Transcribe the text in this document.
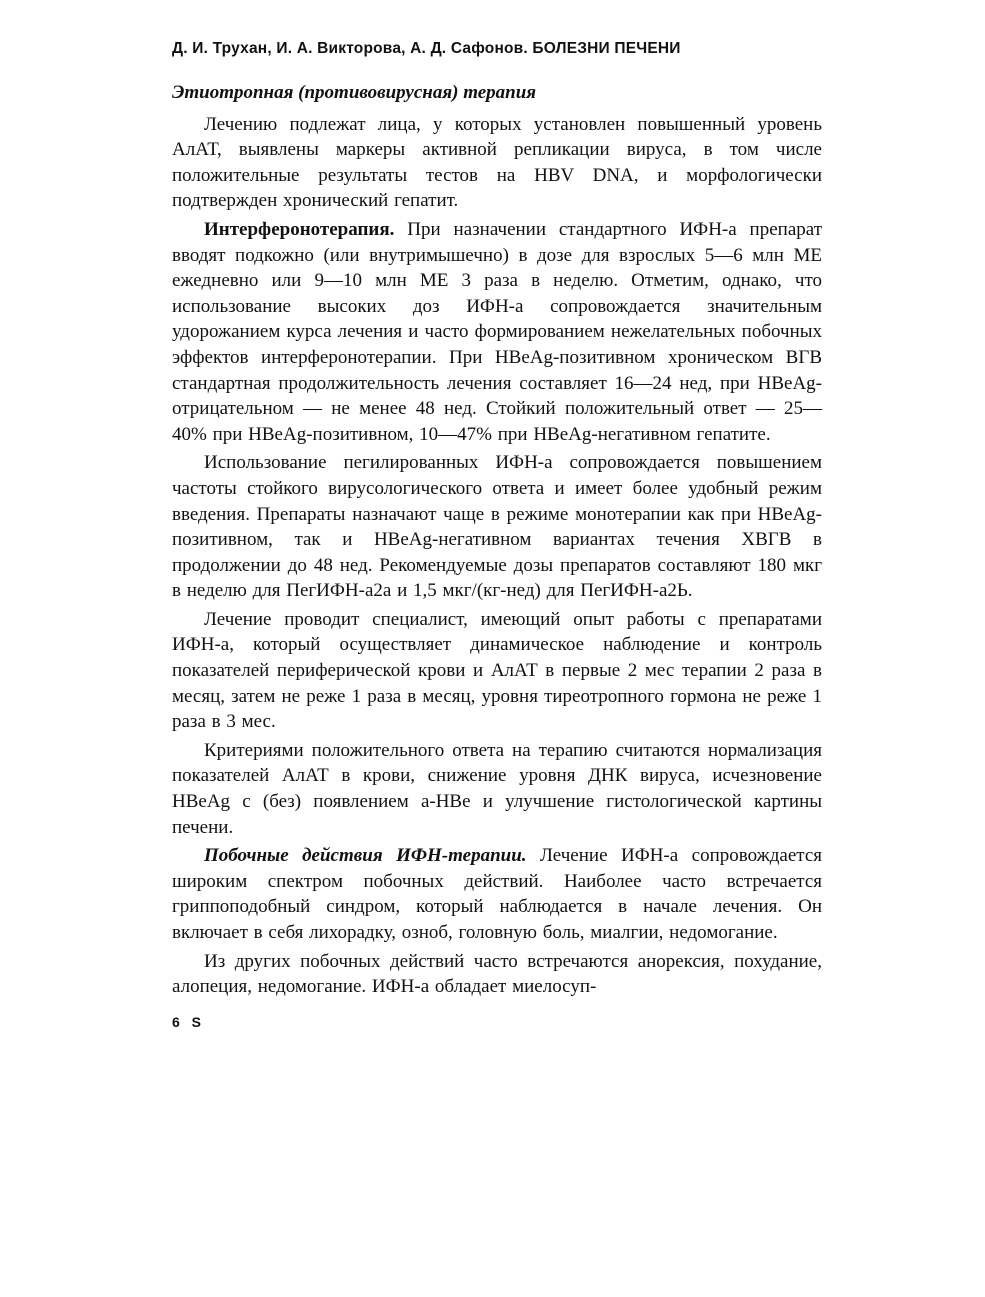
Д. И. Трухан, И. А. Викторова, А. Д. Сафонов. БОЛЕЗНИ ПЕЧЕНИ
Этиотропная (противовирусная) терапия

Лечению подлежат лица, у которых установлен повышенный уровень АлАТ, выявлены маркеры активной репликации вируса, в том числе положительные результаты тестов на HBV DNA, и морфологически подтвержден хронический гепатит.

Интерферонотерапия. При назначении стандартного ИФН-а препарат вводят подкожно (или внутримышечно) в дозе для взрослых 5—6 млн ME ежедневно или 9—10 млн ME 3 раза в неделю. Отметим, однако, что использование высоких доз ИФН-а сопровождается значительным удорожанием курса лечения и часто формированием нежелательных побочных эффектов интерферонотерапии. При HBeAg-позитивном хроническом ВГВ стандартная продолжительность лечения составляет 16—24 нед, при HBeAg-отрицательном — не менее 48 нед. Стойкий положительный ответ — 25—40% при HBeAg-позитивном, 10—47% при HBeAg-негативном гепатите.

Использование пегилированных ИФН-а сопровождается повышением частоты стойкого вирусологического ответа и имеет более удобный режим введения. Препараты назначают чаще в режиме монотерапии как при HBeAg-позитивном, так и HBeAg-негативном вариантах течения ХВГВ в продолжении до 48 нед. Рекомендуемые дозы препаратов составляют 180 мкг в неделю для ПегИФН-а2а и 1,5 мкг/(кг-нед) для ПегИФН-а2Ь.

Лечение проводит специалист, имеющий опыт работы с препаратами ИФН-а, который осуществляет динамическое наблюдение и контроль показателей периферической крови и АлАТ в первые 2 мес терапии 2 раза в месяц, затем не реже 1 раза в месяц, уровня тиреотропного гормона не реже 1 раза в 3 мес.

Критериями положительного ответа на терапию считаются нормализация показателей АлАТ в крови, снижение уровня ДНК вируса, исчезновение HBeAg с (без) появлением а-НВе и улучшение гистологической картины печени.

Побочные действия ИФН-терапии. Лечение ИФН-а сопровождается широким спектром побочных действий. Наиболее часто встречается гриппоподобный синдром, который наблюдается в начале лечения. Он включает в себя лихорадку, озноб, головную боль, миалгии, недомогание.

Из других побочных действий часто встречаются анорексия, похудание, алопеция, недомогание. ИФН-а обладает миелосуп-

6 S
